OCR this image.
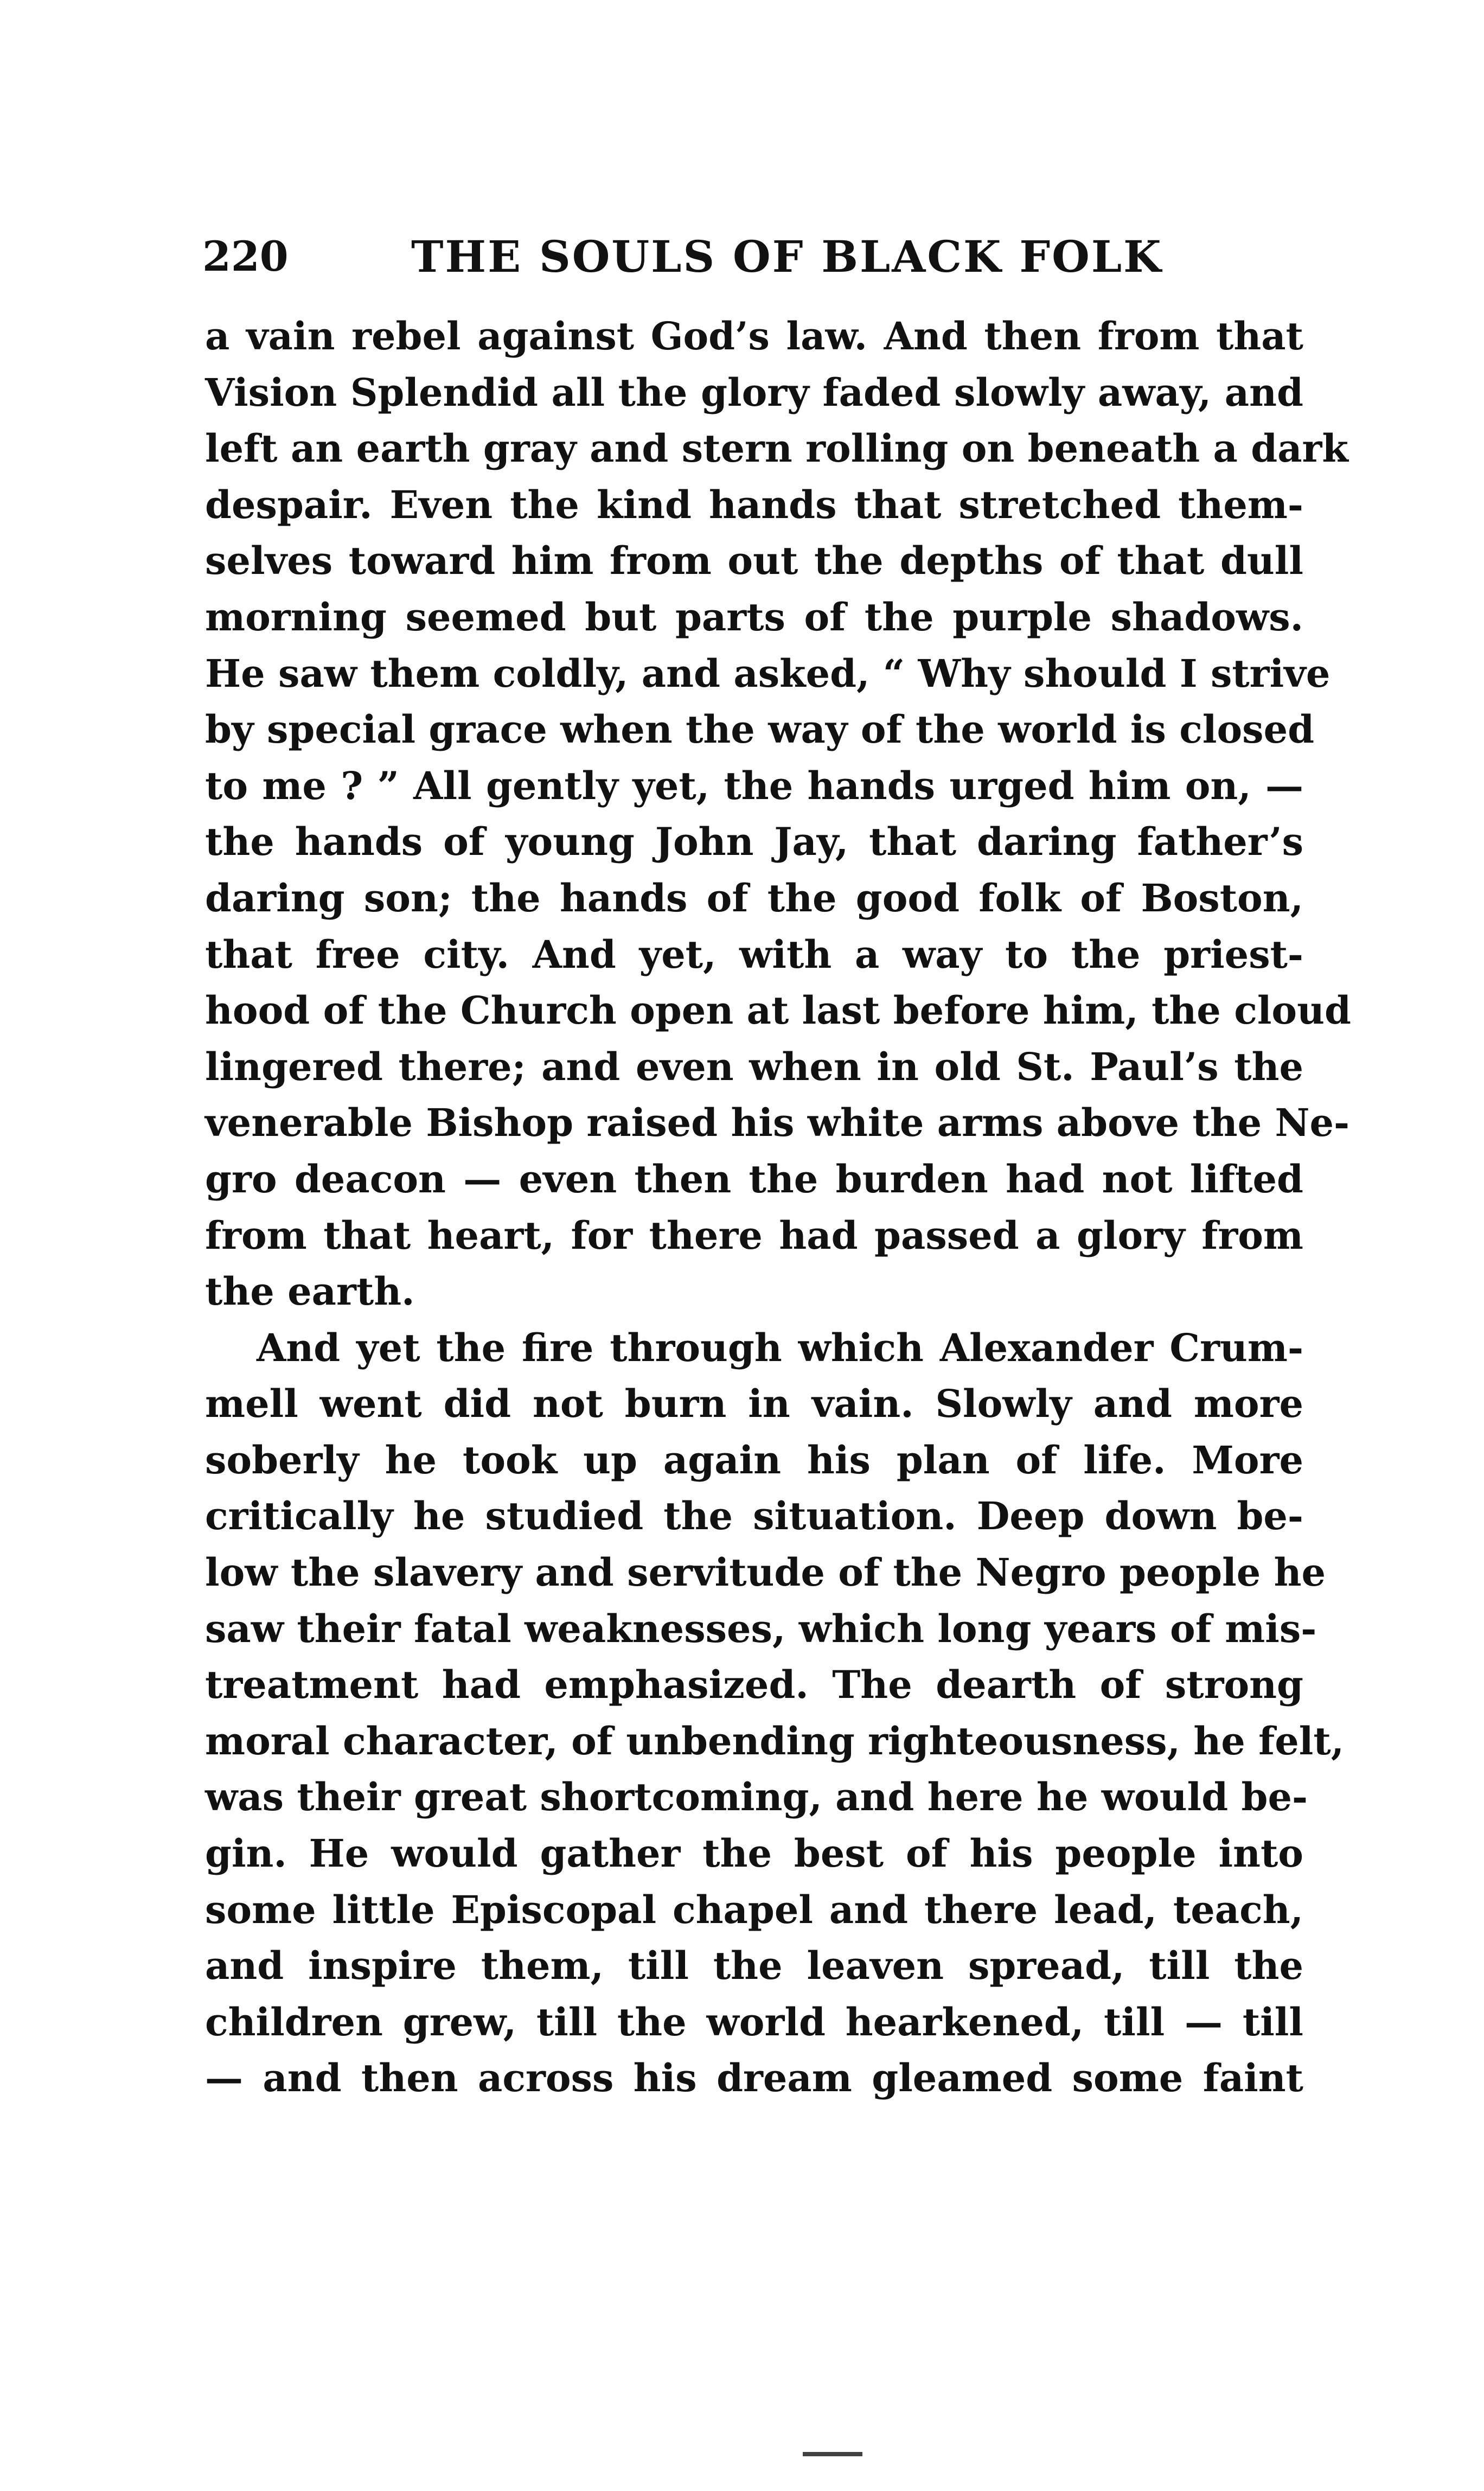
220	THE SOULS OF BLACK FOLK
a vain rebel against God’s law. And then from that
Vision Splendid all the glory faded slowly away, and
left an earth gray and stern rolling on beneath a dark
despair. Even the kind hands that stretched them-
selves toward him from out the depths of that dull
morning seemed but parts of the purple shadows.
He saw them coldly, and asked, “ Why should I strive
by special grace when the way of the world is closed
to me ? ” All gently yet, the hands urged him on, —
the hands of young John Jay, that daring father’s
daring son; the hands of the good folk of Boston,
that free city. And yet, with a way to the priest-
hood of the Church open at last before him, the cloud
lingered there; and even when in old St. Paul’s the
venerable Bishop raised his white arms above the Ne-
gro deacon — even then the burden had not lifted
from that heart, for there had passed a glory from
the earth.
And yet the fire through which Alexander Crum-
mell went did not burn in vain. Slowly and more
soberly he took up again his plan of life. More
critically he studied the situation. Deep down be-
low the slavery and servitude of the Negro people he
saw their fatal weaknesses, which long years of mis-
treatment had emphasized. The dearth of strong
moral character, of unbending righteousness, he felt,
was their great shortcoming, and here he would be-
gin. He would gather the best of his people into
some little Episcopal chapel and there lead, teach,
and inspire them, till the leaven spread, till the
children grew, till the world hearkened, till — till
— and then across his dream gleamed some faint
